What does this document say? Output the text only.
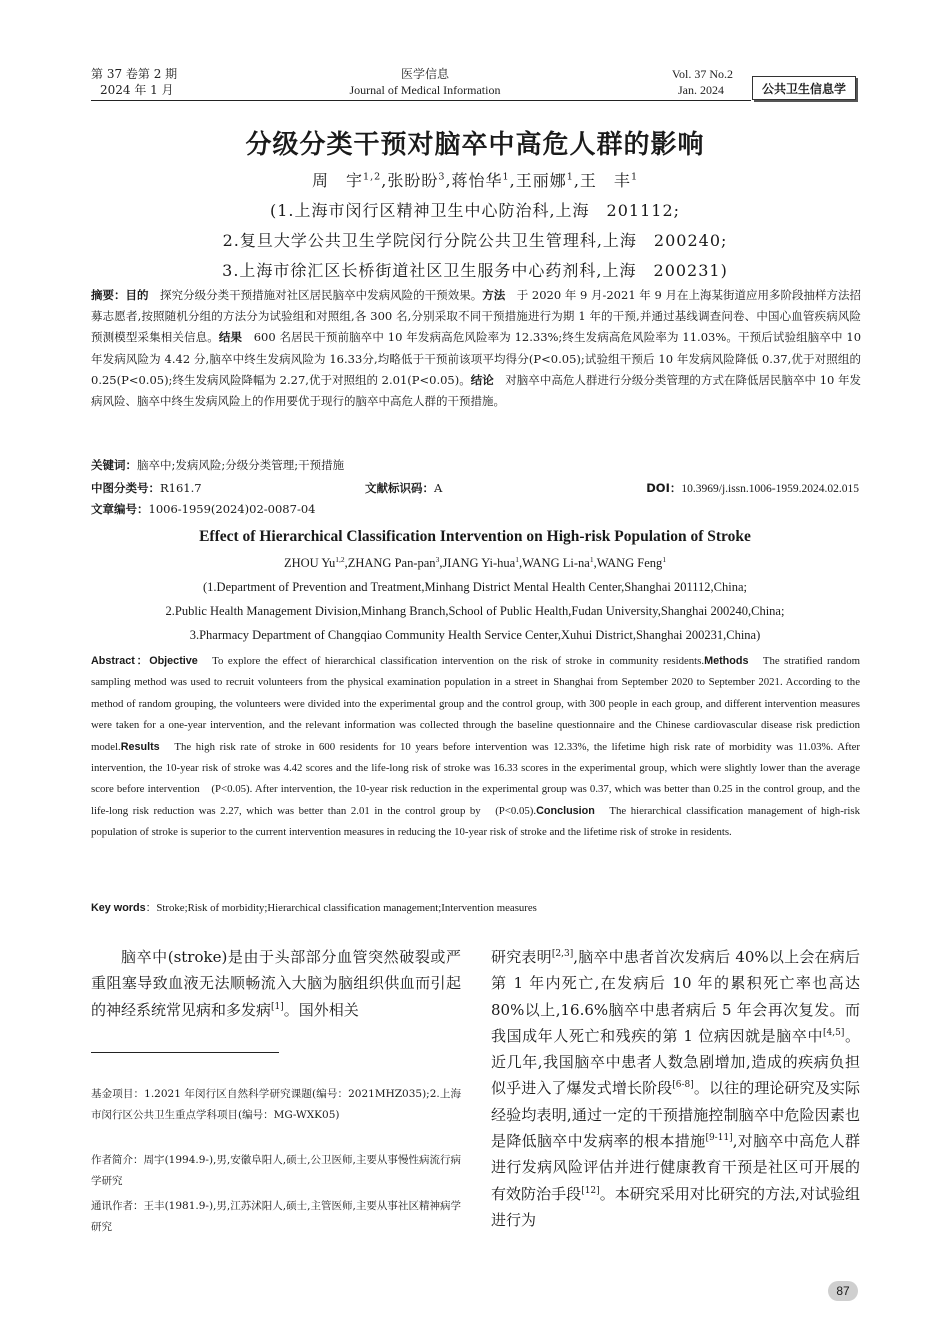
第 37 卷第 2 期
2024 年 1 月
医学信息
Journal of Medical Information
Vol. 37 No.2
Jan. 2024	公共卫生信息学
分级分类干预对脑卒中高危人群的影响
周　宇$^{1,2}$,张盼盼$^3$,蒋怡华$^1$,王丽娜$^1$,王　丰$^1$
(1.上海市闵行区精神卫生中心防治科,上海　201112;
2.复旦大学公共卫生学院闵行分院公共卫生管理科,上海　200240;
3.上海市徐汇区长桥街道社区卫生服务中心药剂科,上海　200231)
摘要：目的　探究分级分类干预措施对社区居民脑卒中发病风险的干预效果。方法　于 2020 年 9 月-2021 年 9 月在上海某街道应用多阶段抽样方法招募志愿者,按照随机分组的方法分为试验组和对照组,各 300 名,分别采取不同干预措施进行为期 1 年的干预,并通过基线调查问卷、中国心血管疾病风险预测模型采集相关信息。结果　600 名居民干预前脑卒中 10 年发病高危风险率为 12.33%;终生发病高危风险率为 11.03%。干预后试验组脑卒中 10 年发病风险为 4.42 分,脑卒中终生发病风险为 16.33分,均略低于干预前该项平均得分(P<0.05);试验组干预后 10 年发病风险降低 0.37,优于对照组的 0.25(P<0.05);终生发病风险降幅为 2.27,优于对照组的 2.01(P<0.05)。结论　对脑卒中高危人群进行分级分类管理的方式在降低居民脑卒中 10 年发病风险、脑卒中终生发病风险上的作用要优于现行的脑卒中高危人群的干预措施。
关键词：脑卒中;发病风险;分级分类管理;干预措施
中图分类号：R161.7	文献标识码：A	DOI：10.3969/j.issn.1006-1959.2024.02.015
文章编号：1006-1959(2024)02-0087-04
Effect of Hierarchical Classification Intervention on High-risk Population of Stroke
ZHOU Yu$^{1,2}$,ZHANG Pan-pan$^3$,JIANG Yi-hua$^1$,WANG $Li-na^1,WANG$ Feng$^1$
(1.Department of Prevention and Treatment,Minhang District Mental Health Center,Shanghai 201112,China;
2.Public Health Management Division,Minhang Branch,School of Public Health,Fudan University,Shanghai 200240,China;
3.Pharmacy Department of Changqiao Community Health Service Center,Xuhui District,Shanghai 200231,China)
Abstract：Objective　To explore the effect of hierarchical classification intervention on the risk of stroke in community residents.Methods　The stratified random sampling method was used to recruit volunteers from the physical examination population in a street in Shanghai from September 2020 to September 2021. According to the method of random grouping, the volunteers were divided into the experimental group and the control group, with 300 people in each group, and different intervention measures were taken for a one-year intervention, and the relevant information was collected through the baseline questionnaire and the Chinese cardiovascular disease risk prediction model.Results　The high risk rate of stroke in 600 residents for 10 years before intervention was 12.33%, the lifetime high risk rate of morbidity was 11.03%. After intervention, the 10-year risk of stroke was 4.42 scores and the life-long risk of stroke was 16.33 scores in the experimental group, which were slightly lower than the average score before intervention　(P<0.05). After intervention, the 10-year risk reduction in the experimental group was 0.37, which was better than 0.25 in the control group, and the life-long risk reduction was 2.27, which was better than 2.01 in the control group by　(P<0.05).Conclusion　The hierarchical classification management of high-risk population of stroke is superior to the current intervention measures in reducing the 10-year risk of stroke and the lifetime risk of stroke in residents.
Key words：Stroke;Risk of morbidity;Hierarchical classification management;Intervention measures
脑卒中(stroke)是由于头部部分血管突然破裂或严重阻塞导致血液无法顺畅流入大脑为脑组织供血而引起的神经系统常见病和多发病[1]。国外相关
基金项目：1.2021 年闵行区自然科学研究课题(编号：2021MHZ035);2.上海市闵行区公共卫生重点学科项目(编号：MG-WXK05)
作者简介：周宇(1994.9-),男,安徽阜阳人,硕士,公卫医师,主要从事慢性病流行病学研究
通讯作者：王丰(1981.9-),男,江苏沭阳人,硕士,主管医师,主要从事社区精神病学研究
研究表明[2,3],脑卒中患者首次发病后 40%以上会在病后第 1 年内死亡,在发病后 10 年的累积死亡率也高达 80%以上,16.6%脑卒中患者病后 5 年会再次复发。而我国成年人死亡和残疾的第 1 位病因就是脑卒中[4,5]。近几年,我国脑卒中患者人数急剧增加,造成的疾病负担似乎进入了爆发式增长阶段[6-8]。以往的理论研究及实际经验均表明,通过一定的干预措施控制脑卒中危险因素也是降低脑卒中发病率的根本措施[9-11],对脑卒中高危人群进行发病风险评估并进行健康教育干预是社区可开展的有效防治手段[12]。本研究采用对比研究的方法,对试验组进行为
87
